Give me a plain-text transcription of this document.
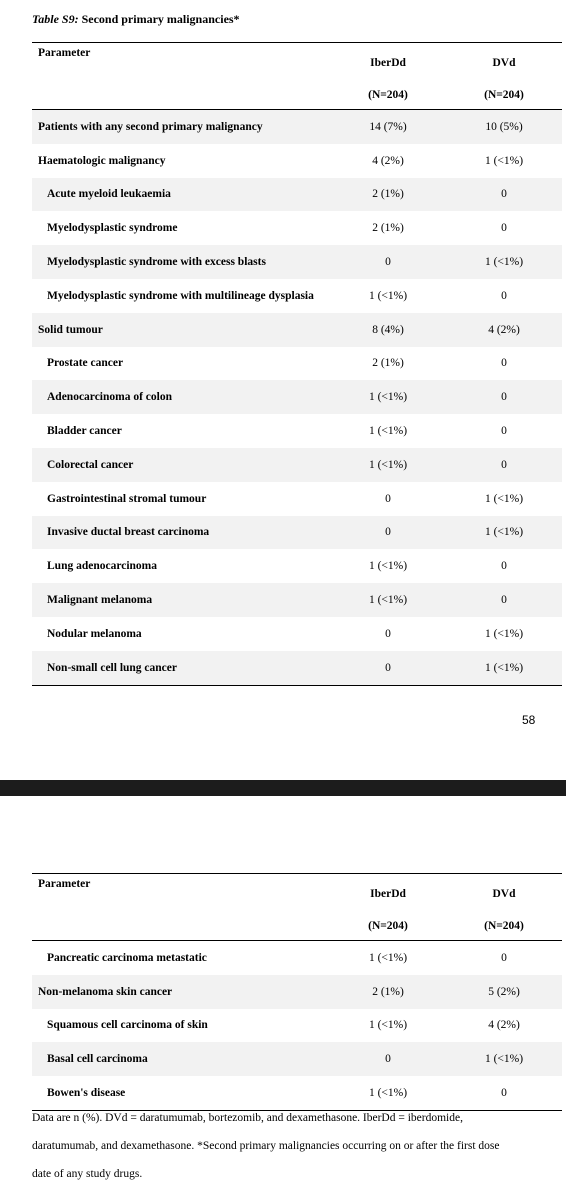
Table S9: Second primary malignancies*
Parameter
IberDd
(N=204)
DVd
(N=204)
Patients with any second primary malignancy	14 (7%)	10 (5%)
Haematologic malignancy	4 (2%)	1 (<1%)
Acute myeloid leukaemia	2 (1%)	0
Myelodysplastic syndrome	2 (1%)	0
Myelodysplastic syndrome with excess blasts	0	1 (<1%)
Myelodysplastic syndrome with multilineage dysplasia	1 (<1%)	0
Solid tumour	8 (4%)	4 (2%)
Prostate cancer	2 (1%)	0
Adenocarcinoma of colon	1 (<1%)	0
Bladder cancer	1 (<1%)	0
Colorectal cancer	1 (<1%)	0
Gastrointestinal stromal tumour	0	1 (<1%)
Invasive ductal breast carcinoma	0	1 (<1%)
Lung adenocarcinoma	1 (<1%)	0
Malignant melanoma	1 (<1%)	0
Nodular melanoma	0	1 (<1%)
Non-small cell lung cancer	0	1 (<1%)
58
Parameter
IberDd
(N=204)
DVd
(N=204)
Pancreatic carcinoma metastatic	1 (<1%)	0
Non-melanoma skin cancer	2 (1%)	5 (2%)
Squamous cell carcinoma of skin	1 (<1%)	4 (2%)
Basal cell carcinoma	0	1 (<1%)
Bowen's disease	1 (<1%)	0
Data are n (%). DVd = daratumumab, bortezomib, and dexamethasone. IberDd = iberdomide,
daratumumab, and dexamethasone. *Second primary malignancies occurring on or after the first dose
date of any study drugs.
